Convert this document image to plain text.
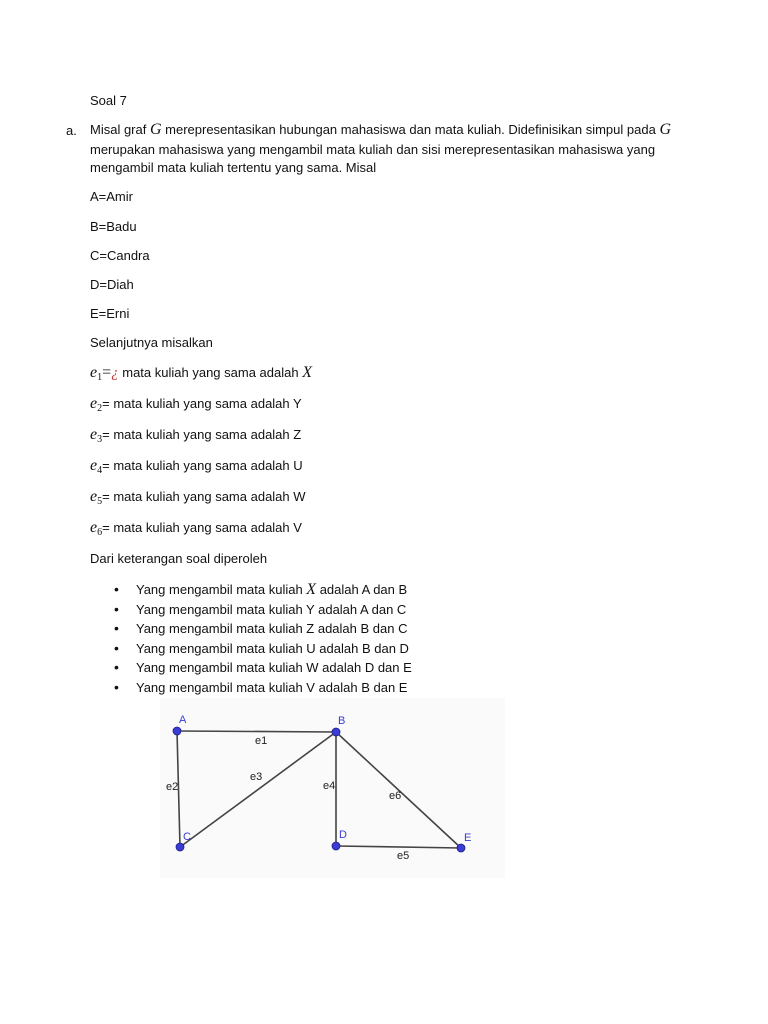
Soal 7
a. Misal graf G merepresentasikan hubungan mahasiswa dan mata kuliah. Didefinisikan simpul pada G
merupakan mahasiswa yang mengambil mata kuliah dan sisi merepresentasikan mahasiswa yang
mengambil mata kuliah tertentu yang sama. Misal
A=Amir
B=Badu
C=Candra
D=Diah
E=Erni
Selanjutnya misalkan
$e_1=¿$ mata kuliah yang sama adalah X
$e_2=$ mata kuliah yang sama adalah Y
$e_3=$ mata kuliah yang sama adalah Z
$e_4=$ mata kuliah yang sama adalah U
$e_5=$ mata kuliah yang sama adalah W
$e_6=$ mata kuliah yang sama adalah V
Dari keterangan soal diperoleh
• Yang mengambil mata kuliah X adalah A dan B
• Yang mengambil mata kuliah Y adalah A dan C
• Yang mengambil mata kuliah Z adalah B dan C
• Yang mengambil mata kuliah U adalah B dan D
• Yang mengambil mata kuliah W adalah D dan E
• Yang mengambil mata kuliah V adalah B dan E
e1
e2
e3
e4
e5
e6
A	B
C	D	E
